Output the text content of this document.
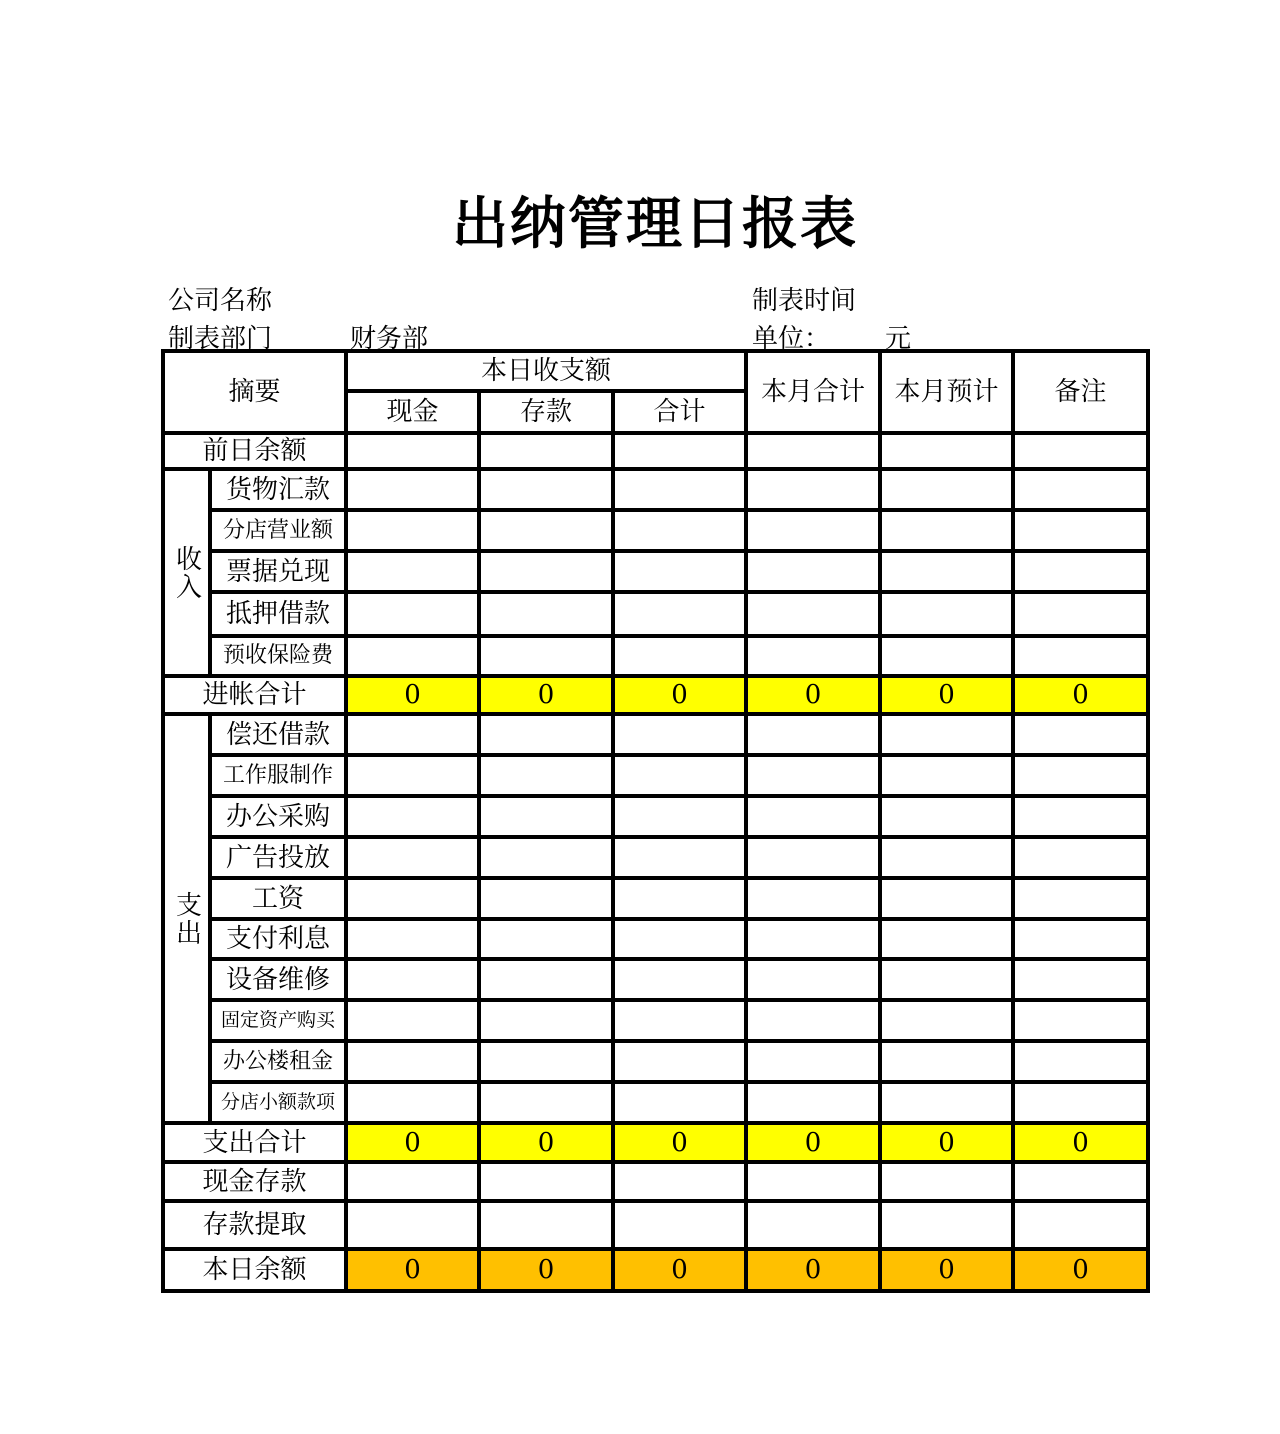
出纳管理日报表
公司名称	制表时间
制表部门	财务部	单位： 元
摘要		本日收支额			本月合计	本月预计	备注
		现金	存款	合计			
前日余额							
收入	货物汇款						
	分店营业额						
	票据兑现						
	抵押借款						
	预收保险费						
进帐合计		0	0	0	0	0	0
支出	偿还借款						
	工作服制作						
	办公采购						
	广告投放						
	工资						
	支付利息						
	设备维修						
	固定资产购买						
	办公楼租金						
	分店小额款项						
支出合计		0	0	0	0	0	0
现金存款							
存款提取							
本日余额		0	0	0	0	0	0
